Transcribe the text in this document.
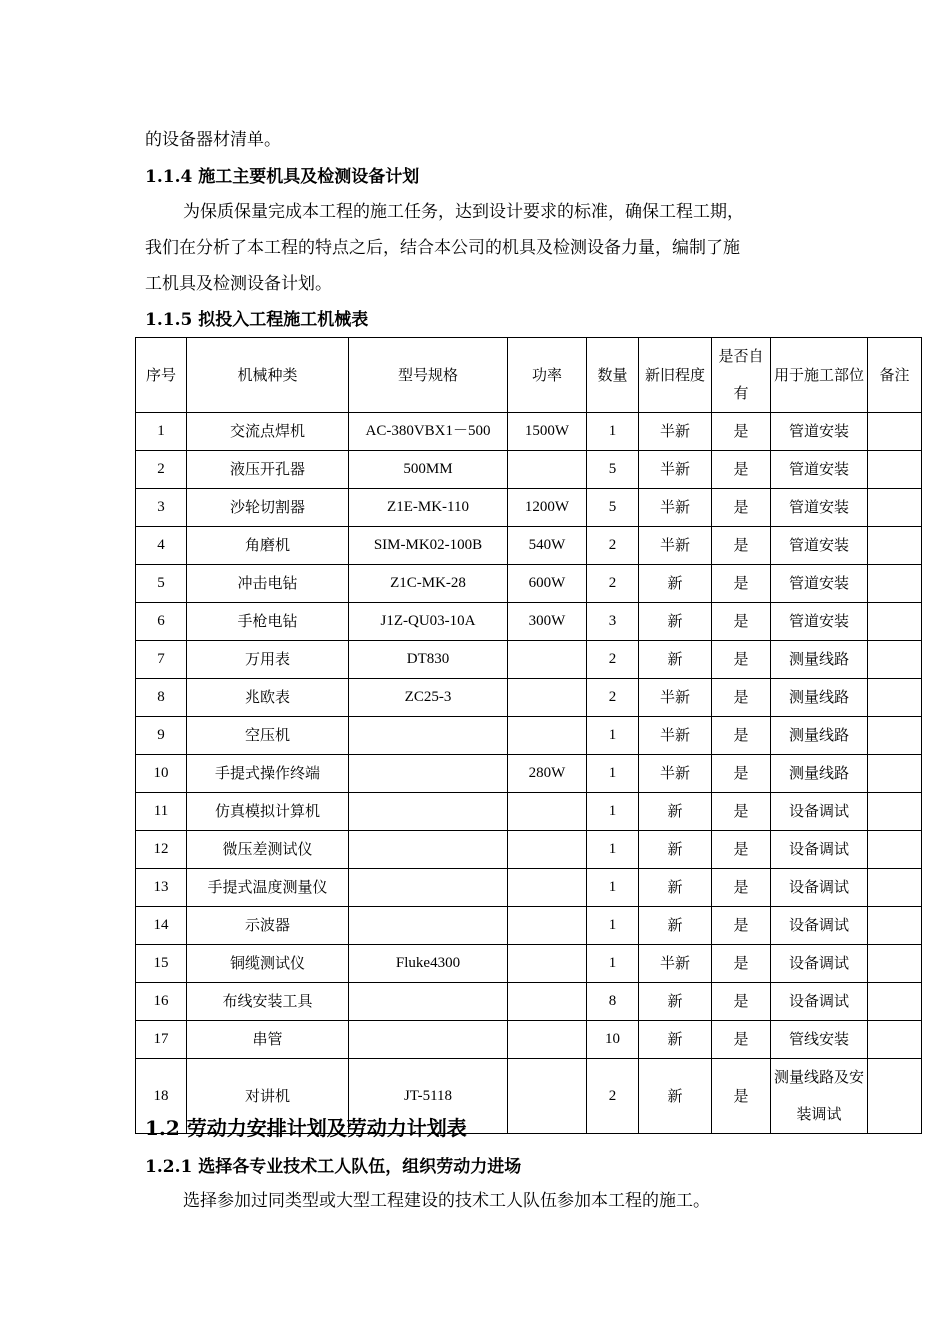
的设备器材清单。
1.1.4 施工主要机具及检测设备计划
为保质保量完成本工程的施工任务，达到设计要求的标准，确保工程工期，
我们在分析了本工程的特点之后，结合本公司的机具及检测设备力量，编制了施
工机具及检测设备计划。
1.1.5 拟投入工程施工机械表
序号	机械种类	型号规格	功率	数量	新旧程度	是否自有	用于施工部位	备注
1	交流点焊机	AC-380VBX1－500	1500W	1	半新	是	管道安装	
2	液压开孔器	500MM		5	半新	是	管道安装	
3	沙轮切割器	Z1E-MK-110	1200W	5	半新	是	管道安装	
4	角磨机	SIM-MK02-100B	540W	2	半新	是	管道安装	
5	冲击电钻	Z1C-MK-28	600W	2	新	是	管道安装	
6	手枪电钻	J1Z-QU03-10A	300W	3	新	是	管道安装	
7	万用表	DT830		2	新	是	测量线路	
8	兆欧表	ZC25-3		2	半新	是	测量线路	
9	空压机			1	半新	是	测量线路	
10	手提式操作终端		280W	1	半新	是	测量线路	
11	仿真模拟计算机			1	新	是	设备调试	
12	微压差测试仪			1	新	是	设备调试	
13	手提式温度测量仪			1	新	是	设备调试	
14	示波器			1	新	是	设备调试	
15	铜缆测试仪	Fluke4300		1	半新	是	设备调试	
16	布线安装工具			8	新	是	设备调试	
17	串管			10	新	是	管线安装	
18	对讲机	JT-5118		2	新	是	测量线路及安装调试	
1.2 劳动力安排计划及劳动力计划表
1.2.1 选择各专业技术工人队伍，组织劳动力进场
选择参加过同类型或大型工程建设的技术工人队伍参加本工程的施工。
